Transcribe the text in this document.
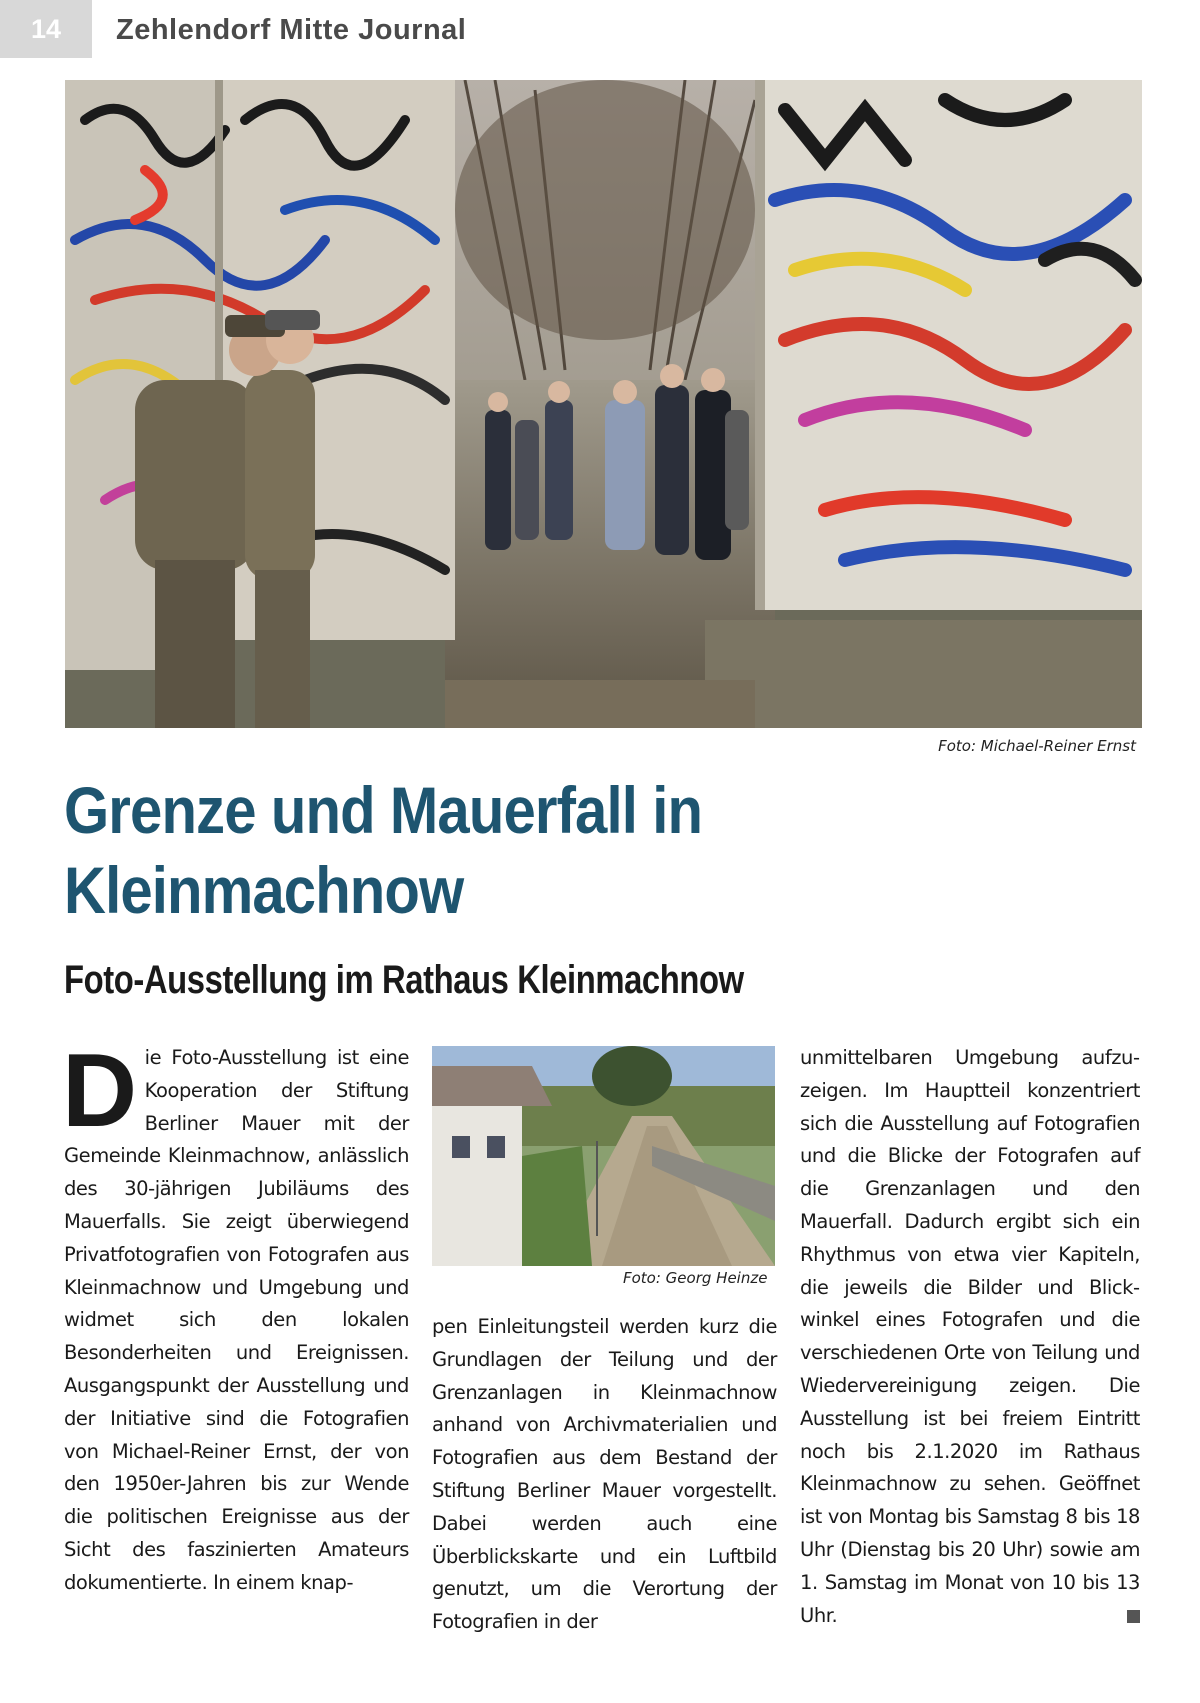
14 Zehlendorf Mitte Journal
Foto: Michael-Reiner Ernst
Grenze und Mauerfall in
Kleinmachnow
Foto-Ausstellung im Rathaus Kleinmachnow
D ie Foto-Ausstellung ist eine Kooperation der Stiftung Berliner Mauer mit der Gemeinde Kleinmachnow, anlässlich des 30-jährigen Jubiläums des Mauerfalls. Sie zeigt überwiegend Privatfotografien von Fotografen aus Kleinmachnow und Umgebung und widmet sich den lokalen Besonderheiten und Ereignissen. Ausgangspunkt der Ausstellung und der Initiative sind die Fotografien von Michael-Reiner Ernst, der von den 1950er-Jahren bis zur Wende die politischen Ereignisse aus der Sicht des faszinierten Amateurs dokumentierte. In einem knap-
Foto: Georg Heinze
pen Einleitungsteil werden kurz die Grundlagen der Teilung und der Grenzanlagen in Kleinmachnow anhand von Archivmaterialien und Fotografien aus dem Bestand der Stiftung Berliner Mauer vorgestellt. Dabei werden auch eine Überblickskarte und ein Luftbild genutzt, um die Verortung der Fotografien in der
unmittelbaren Umgebung aufzuzeigen. Im Hauptteil konzentriert sich die Ausstellung auf Fotografien und die Blicke der Fotografen auf die Grenzanlagen und den Mauerfall. Dadurch ergibt sich ein Rhythmus von etwa vier Kapiteln, die jeweils die Bilder und Blickwinkel eines Fotografen und die verschiedenen Orte von Teilung und Wiedervereinigung zeigen. Die Ausstellung ist bei freiem Eintritt noch bis 2.1.2020 im Rathaus Kleinmachnow zu sehen. Geöffnet ist von Montag bis Samstag 8 bis 18 Uhr (Dienstag bis 20 Uhr) sowie am 1. Samstag im Monat von 10 bis 13 Uhr.
